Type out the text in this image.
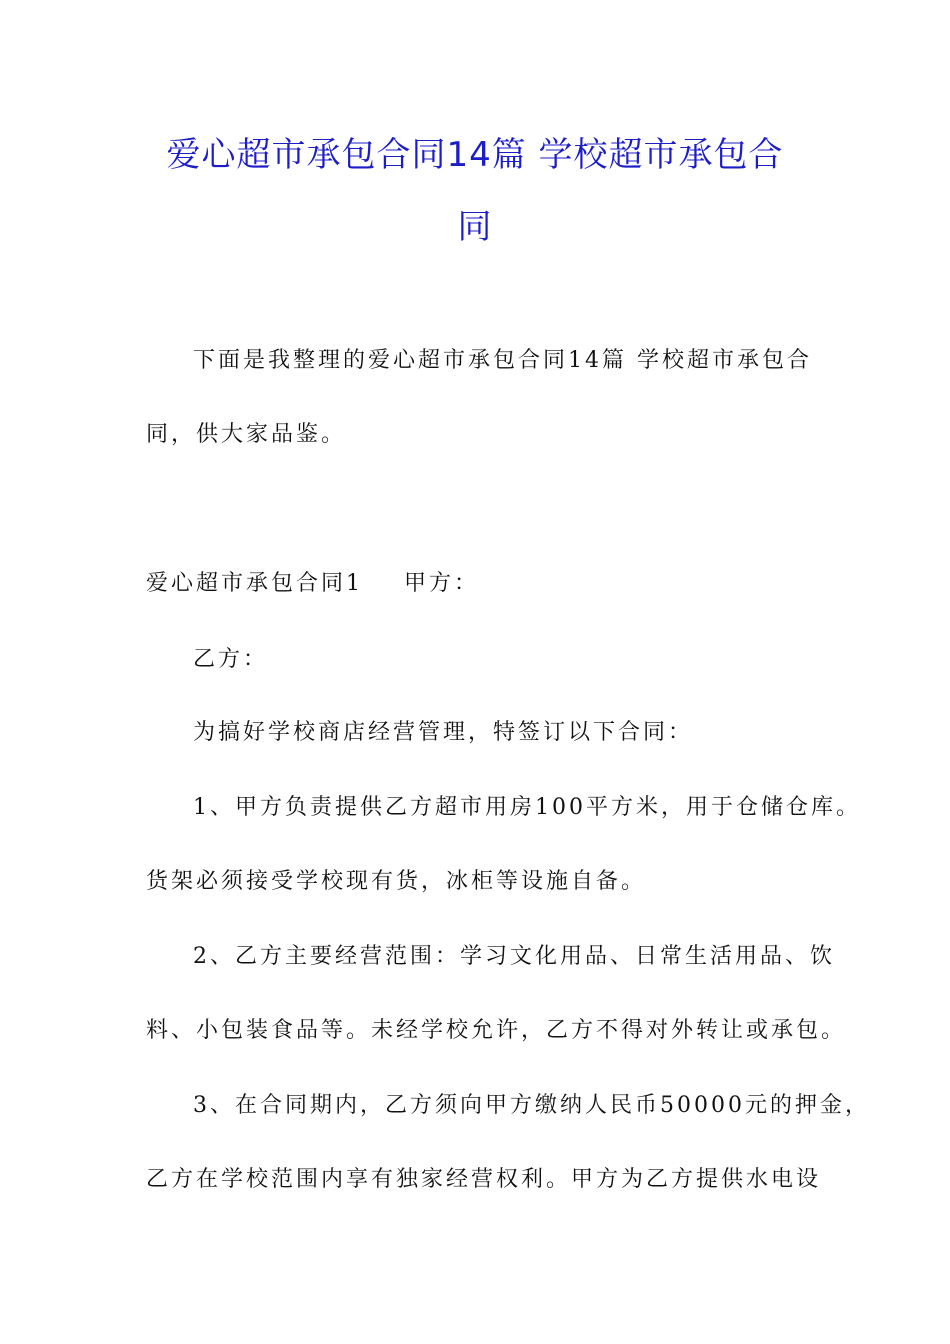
爱心超市承包合同14篇 学校超市承包合
同
下面是我整理的爱心超市承包合同14篇 学校超市承包合
同，供大家品鉴。
爱心超市承包合同1 甲方：
乙方：
为搞好学校商店经营管理，特签订以下合同：
1、甲方负责提供乙方超市用房100平方米，用于仓储仓库。
货架必须接受学校现有货，冰柜等设施自备。
2、乙方主要经营范围：学习文化用品、日常生活用品、饮
料、小包装食品等。未经学校允许，乙方不得对外转让或承包。
3、在合同期内，乙方须向甲方缴纳人民币50000元的押金，
乙方在学校范围内享有独家经营权利。甲方为乙方提供水电设
